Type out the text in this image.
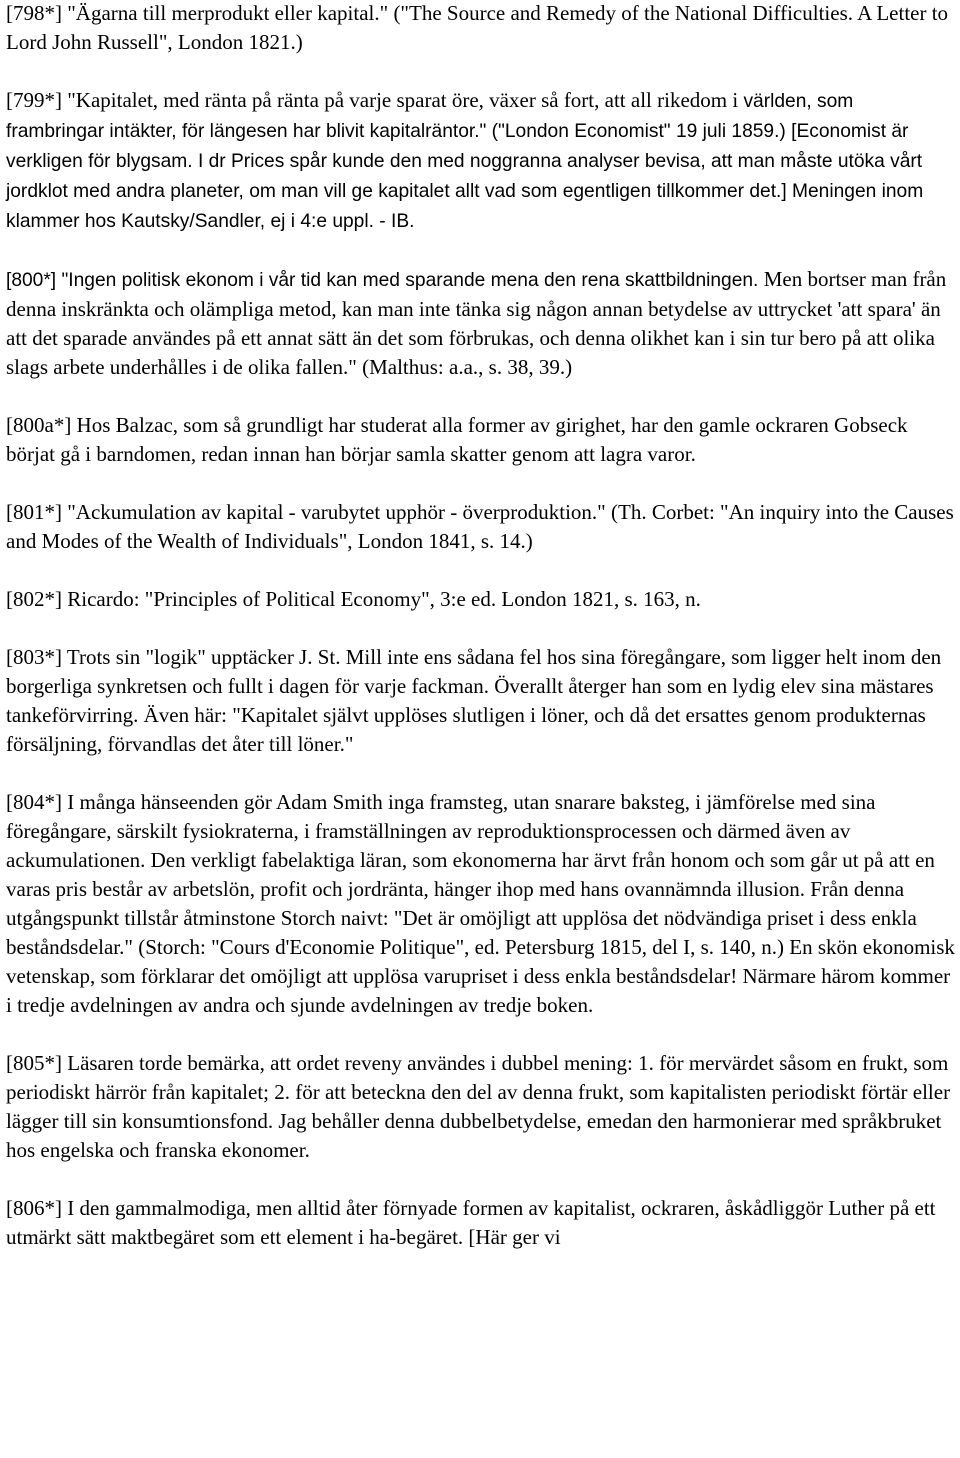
[798*] "Ägarna till merprodukt eller kapital." ("The Source and Remedy of the National Difficulties. A Letter to Lord John Russell", London 1821.)

[799*] "Kapitalet, med ränta på ränta på varje sparat öre, växer så fort, att all rikedom i världen, som frambringar intäkter, för längesen har blivit kapitalräntor." ("London Economist" 19 juli 1859.) [Economist är verkligen för blygsam. I dr Prices spår kunde den med noggranna analyser bevisa, att man måste utöka vårt jordklot med andra planeter, om man vill ge kapitalet allt vad som egentligen tillkommer det.] Meningen inom klammer hos Kautsky/Sandler, ej i 4:e uppl. - IB.

[800*] "Ingen politisk ekonom i vår tid kan med sparande mena den rena skattbildningen. Men bortser man från denna inskränkta och olämpliga metod, kan man inte tänka sig någon annan betydelse av uttrycket 'att spara' än att det sparade användes på ett annat sätt än det som förbrukas, och denna olikhet kan i sin tur bero på att olika slags arbete underhålles i de olika fallen." (Malthus: a.a., s. 38, 39.)

[800a*] Hos Balzac, som så grundligt har studerat alla former av girighet, har den gamle ockraren Gobseck börjat gå i barndomen, redan innan han börjar samla skatter genom att lagra varor.

[801*] "Ackumulation av kapital - varubytet upphör - överproduktion." (Th. Corbet: "An inquiry into the Causes and Modes of the Wealth of Individuals", London 1841, s. 14.)

[802*] Ricardo: "Principles of Political Economy", 3:e ed. London 1821, s. 163, n.

[803*] Trots sin "logik" upptäcker J. St. Mill inte ens sådana fel hos sina föregångare, som ligger helt inom den borgerliga synkretsen och fullt i dagen för varje fackman. Överallt återger han som en lydig elev sina mästares tankeförvirring. Även här: "Kapitalet självt upplöses slutligen i löner, och då det ersattes genom produkternas försäljning, förvandlas det åter till löner."

[804*] I många hänseenden gör Adam Smith inga framsteg, utan snarare baksteg, i jämförelse med sina föregångare, särskilt fysiokraterna, i framställningen av reproduktionsprocessen och därmed även av ackumulationen. Den verkligt fabelaktiga läran, som ekonomerna har ärvt från honom och som går ut på att en varas pris består av arbetslön, profit och jordränta, hänger ihop med hans ovannämnda illusion. Från denna utgångspunkt tillstår åtminstone Storch naivt: "Det är omöjligt att upplösa det nödvändiga priset i dess enkla beståndsdelar." (Storch: "Cours d'Economie Politique", ed. Petersburg 1815, del I, s. 140, n.) En skön ekonomisk vetenskap, som förklarar det omöjligt att upplösa varupriset i dess enkla beståndsdelar! Närmare härom kommer i tredje avdelningen av andra och sjunde avdelningen av tredje boken.

[805*] Läsaren torde bemärka, att ordet reveny användes i dubbel mening: 1. för mervärdet såsom en frukt, som periodiskt härrör från kapitalet; 2. för att beteckna den del av denna frukt, som kapitalisten periodiskt förtär eller lägger till sin konsumtionsfond. Jag behåller denna dubbelbetydelse, emedan den harmonierar med språkbruket hos engelska och franska ekonomer.

[806*] I den gammalmodiga, men alltid åter förnyade formen av kapitalist, ockraren, åskådliggör Luther på ett utmärkt sätt maktbegäret som ett element i ha-begäret. [Här ger vi
